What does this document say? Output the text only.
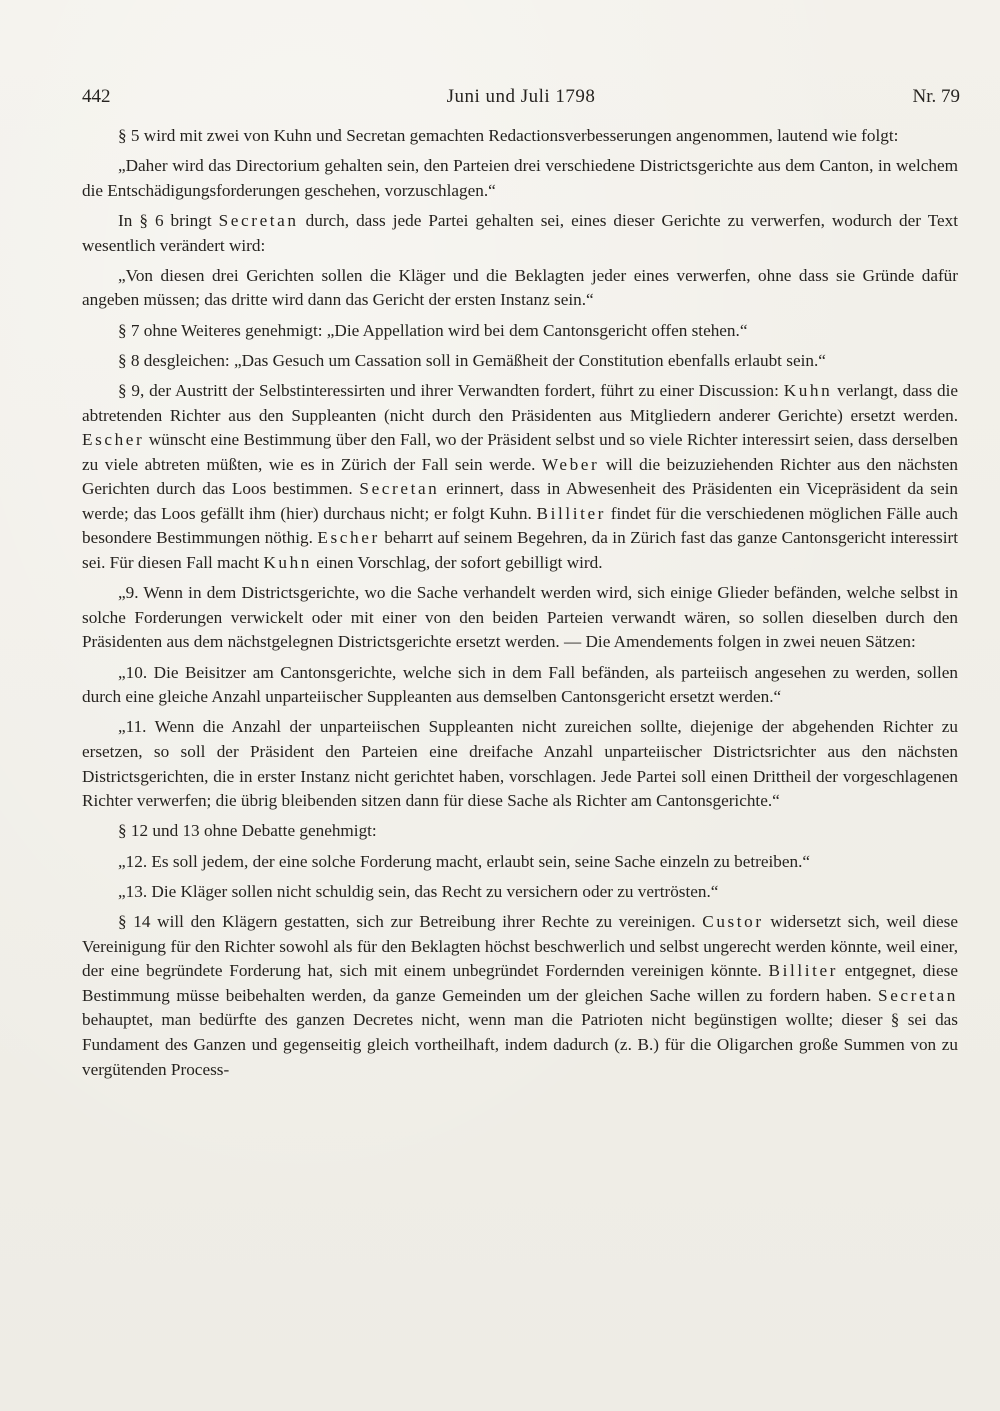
442	Juni und Juli 1798	Nr. 79
§ 5 wird mit zwei von Kuhn und Secretan gemachten Redactionsverbesserungen angenommen, lautend wie folgt:
„Daher wird das Directorium gehalten sein, den Parteien drei verschiedene Districtsgerichte aus dem Canton, in welchem die Entschädigungsforderungen geschehen, vorzuschlagen.“
In § 6 bringt Secretan durch, dass jede Partei gehalten sei, eines dieser Gerichte zu verwerfen, wodurch der Text wesentlich verändert wird:
„Von diesen drei Gerichten sollen die Kläger und die Beklagten jeder eines verwerfen, ohne dass sie Gründe dafür angeben müssen; das dritte wird dann das Gericht der ersten Instanz sein.“
§ 7 ohne Weiteres genehmigt: „Die Appellation wird bei dem Cantonsgericht offen stehen.“
§ 8 desgleichen: „Das Gesuch um Cassation soll in Gemäßheit der Constitution ebenfalls erlaubt sein.“
§ 9, der Austritt der Selbstinteressirten und ihrer Verwandten fordert, führt zu einer Discussion: Kuhn verlangt, dass die abtretenden Richter aus den Suppleanten (nicht durch den Präsidenten aus Mitgliedern anderer Gerichte) ersetzt werden. Escher wünscht eine Bestimmung über den Fall, wo der Präsident selbst und so viele Richter interessirt seien, dass derselben zu viele abtreten müßten, wie es in Zürich der Fall sein werde. Weber will die beizuziehenden Richter aus den nächsten Gerichten durch das Loos bestimmen. Secretan erinnert, dass in Abwesenheit des Präsidenten ein Vicepräsident da sein werde; das Loos gefällt ihm (hier) durchaus nicht; er folgt Kuhn. Billiter findet für die verschiedenen möglichen Fälle auch besondere Bestimmungen nöthig. Escher beharrt auf seinem Begehren, da in Zürich fast das ganze Cantonsgericht interessirt sei. Für diesen Fall macht Kuhn einen Vorschlag, der sofort gebilligt wird.
„9. Wenn in dem Districtsgerichte, wo die Sache verhandelt werden wird, sich einige Glieder befänden, welche selbst in solche Forderungen verwickelt oder mit einer von den beiden Parteien verwandt wären, so sollen dieselben durch den Präsidenten aus dem nächstgelegnen Districtsgerichte ersetzt werden. — Die Amendements folgen in zwei neuen Sätzen:
„10. Die Beisitzer am Cantonsgerichte, welche sich in dem Fall befänden, als parteiisch angesehen zu werden, sollen durch eine gleiche Anzahl unparteiischer Suppleanten aus demselben Cantonsgericht ersetzt werden.“
„11. Wenn die Anzahl der unparteiischen Suppleanten nicht zureichen sollte, diejenige der abgehenden Richter zu ersetzen, so soll der Präsident den Parteien eine dreifache Anzahl unparteiischer Districtsrichter aus den nächsten Districtsgerichten, die in erster Instanz nicht gerichtet haben, vorschlagen. Jede Partei soll einen Drittheil der vorgeschlagenen Richter verwerfen; die übrig bleibenden sitzen dann für diese Sache als Richter am Cantonsgerichte.“
§ 12 und 13 ohne Debatte genehmigt:
„12. Es soll jedem, der eine solche Forderung macht, erlaubt sein, seine Sache einzeln zu betreiben.“
„13. Die Kläger sollen nicht schuldig sein, das Recht zu versichern oder zu vertrösten.“
§ 14 will den Klägern gestatten, sich zur Betreibung ihrer Rechte zu vereinigen. Custor widersetzt sich, weil diese Vereinigung für den Richter sowohl als für den Beklagten höchst beschwerlich und selbst ungerecht werden könnte, weil einer, der eine begründete Forderung hat, sich mit einem unbegründet Fordernden vereinigen könnte. Billiter entgegnet, diese Bestimmung müsse beibehalten werden, da ganze Gemeinden um der gleichen Sache willen zu fordern haben. Secretan behauptet, man bedürfte des ganzen Decretes nicht, wenn man die Patrioten nicht begünstigen wollte; dieser § sei das Fundament des Ganzen und gegenseitig gleich vortheilhaft, indem dadurch (z. B.) für die Oligarchen große Summen von zu vergütenden Process-
